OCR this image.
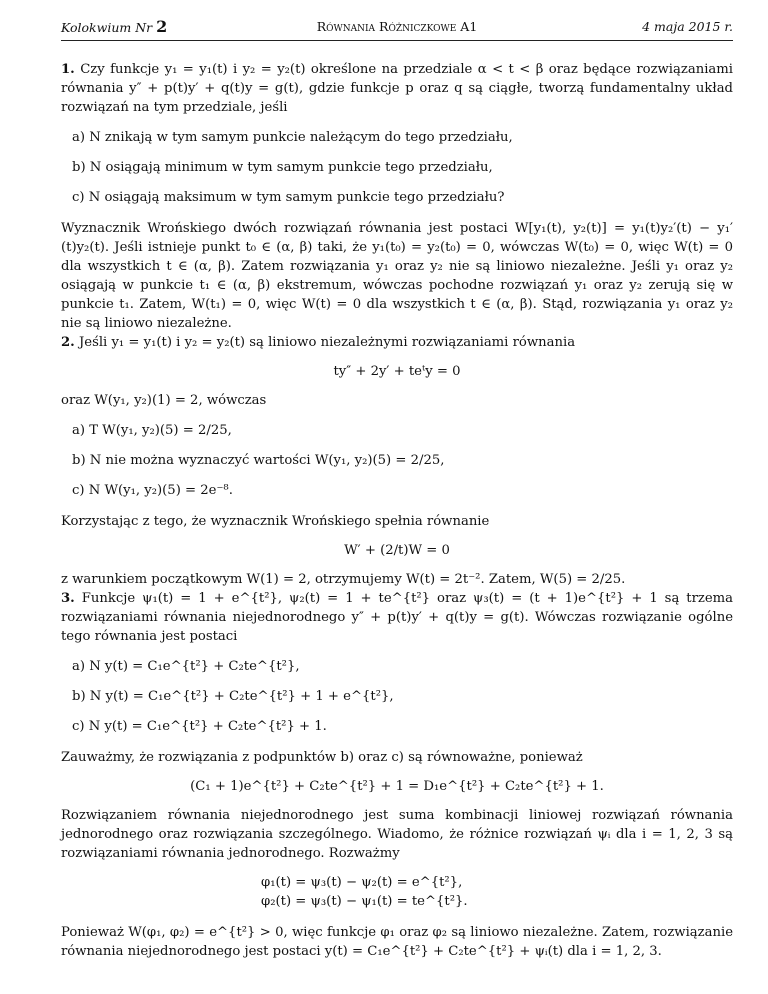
Kolokwium Nr 2	Równania Różniczkowe A1	4 maja 2015 r.

1. Czy funkcje y₁ = y₁(t) i y₂ = y₂(t) określone na przedziale α < t < β oraz będące rozwiązaniami równania y″ + p(t)y′ + q(t)y = g(t), gdzie funkcje p oraz q są ciągłe, tworzą fundamentalny układ rozwiązań na tym przedziale, jeśli

a) N znikają w tym samym punkcie należącym do tego przedziału,

b) N osiągają minimum w tym samym punkcie tego przedziału,

c) N osiągają maksimum w tym samym punkcie tego przedziału?

Wyznacznik Wrońskiego dwóch rozwiązań równania jest postaci W[y₁(t), y₂(t)] = y₁(t)y₂′(t) − y₁′(t)y₂(t). Jeśli istnieje punkt t₀ ∈ (α, β) taki, że y₁(t₀) = y₂(t₀) = 0, wówczas W(t₀) = 0, więc W(t) = 0 dla wszystkich t ∈ (α, β). Zatem rozwiązania y₁ oraz y₂ nie są liniowo niezależne. Jeśli y₁ oraz y₂ osiągają w punkcie t₁ ∈ (α, β) ekstremum, wówczas pochodne rozwiązań y₁ oraz y₂ zerują się w punkcie t₁. Zatem, W(t₁) = 0, więc W(t) = 0 dla wszystkich t ∈ (α, β). Stąd, rozwiązania y₁ oraz y₂ nie są liniowo niezależne.

2. Jeśli y₁ = y₁(t) i y₂ = y₂(t) są liniowo niezależnymi rozwiązaniami równania

ty″ + 2y′ + teᵗy = 0

oraz W(y₁, y₂)(1) = 2, wówczas

a) T W(y₁, y₂)(5) = 2/25,

b) N nie można wyznaczyć wartości W(y₁, y₂)(5) = 2/25,

c) N W(y₁, y₂)(5) = 2e⁻⁸.

Korzystając z tego, że wyznacznik Wrońskiego spełnia równanie

W′ + (2/t)W = 0

z warunkiem początkowym W(1) = 2, otrzymujemy W(t) = 2t⁻². Zatem, W(5) = 2/25.

3. Funkcje ψ₁(t) = 1 + e^{t²}, ψ₂(t) = 1 + te^{t²} oraz ψ₃(t) = (t + 1)e^{t²} + 1 są trzema rozwiązaniami równania niejednorodnego y″ + p(t)y′ + q(t)y = g(t). Wówczas rozwiązanie ogólne tego równania jest postaci

a) N y(t) = C₁e^{t²} + C₂te^{t²},

b) N y(t) = C₁e^{t²} + C₂te^{t²} + 1 + e^{t²},

c) N y(t) = C₁e^{t²} + C₂te^{t²} + 1.

Zauważmy, że rozwiązania z podpunktów b) oraz c) są równoważne, ponieważ

(C₁ + 1)e^{t²} + C₂te^{t²} + 1 = D₁e^{t²} + C₂te^{t²} + 1.

Rozwiązaniem równania niejednorodnego jest suma kombinacji liniowej rozwiązań równania jednorodnego oraz rozwiązania szczególnego. Wiadomo, że różnice rozwiązań ψᵢ dla i = 1, 2, 3 są rozwiązaniami równania jednorodnego. Rozważmy

φ₁(t) = ψ₃(t) − ψ₂(t) = e^{t²},

φ₂(t) = ψ₃(t) − ψ₁(t) = te^{t²}.

Ponieważ W(φ₁, φ₂) = e^{t²} > 0, więc funkcje φ₁ oraz φ₂ są liniowo niezależne. Zatem, rozwiązanie równania niejednorodnego jest postaci y(t) = C₁e^{t²} + C₂te^{t²} + ψᵢ(t) dla i = 1, 2, 3.
